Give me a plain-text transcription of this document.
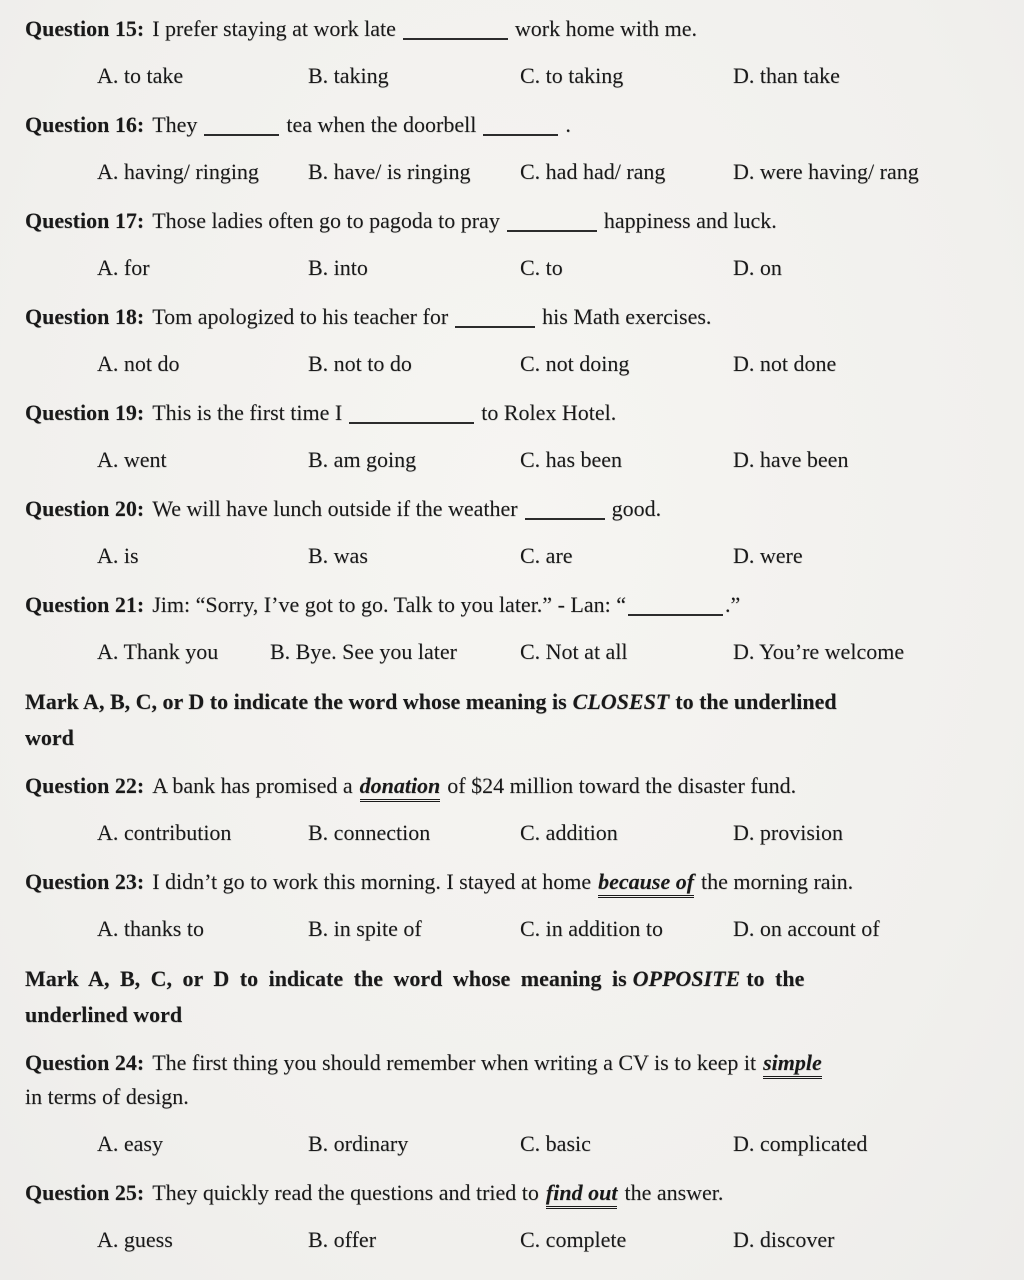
Question 15: I prefer staying at work late	work home with me.

A. to take	B. taking	C. to taking	D. than take

Question 16: They	tea when the doorbell	.

A. having/ ringing B. have/ is ringing C. had had/ rang	D. were having/ rang

Question 17: Those ladies often go to pagoda to pray	happiness and luck.

A. for	B. into	C. to	D. on

Question 18: Tom apologized to his teacher for	his Math exercises.

A. not do	B. not to do	C. not doing	D. not done

Question 19: This is the first time I	to Rolex Hotel.

A. went	B. am going	C. has been	D. have been

Question 20: We will have lunch outside if the weather	good.

A. is	B. was	C. are	D. were

Question 21: Jim: “Sorry, I’ve got to go. Talk to you later.” - Lan: “	.”

A. Thank you B. Bye. See you later	C. Not at all	D. You’re welcome

Mark A, B, C, or D to indicate the word whose meaning is CLOSEST to the underlined
word

Question 22: A bank has promised a donation of $24 million toward the disaster fund.

A. contribution	B. connection	C. addition	D. provision

Question 23: I didn’t go to work this morning. I stayed at home because of the morning rain.

A. thanks to	B. in spite of	C. in addition to	D. on account of

Mark A, B, C, or D to indicate the word whose meaning is OPPOSITE to the
underlined word

Question 24: The first thing you should remember when writing a CV is to keep it simple
in terms of design.

A. easy	B. ordinary	C. basic	D. complicated

Question 25: They quickly read the questions and tried to find out the answer.

A. guess	B. offer	C. complete	D. discover
